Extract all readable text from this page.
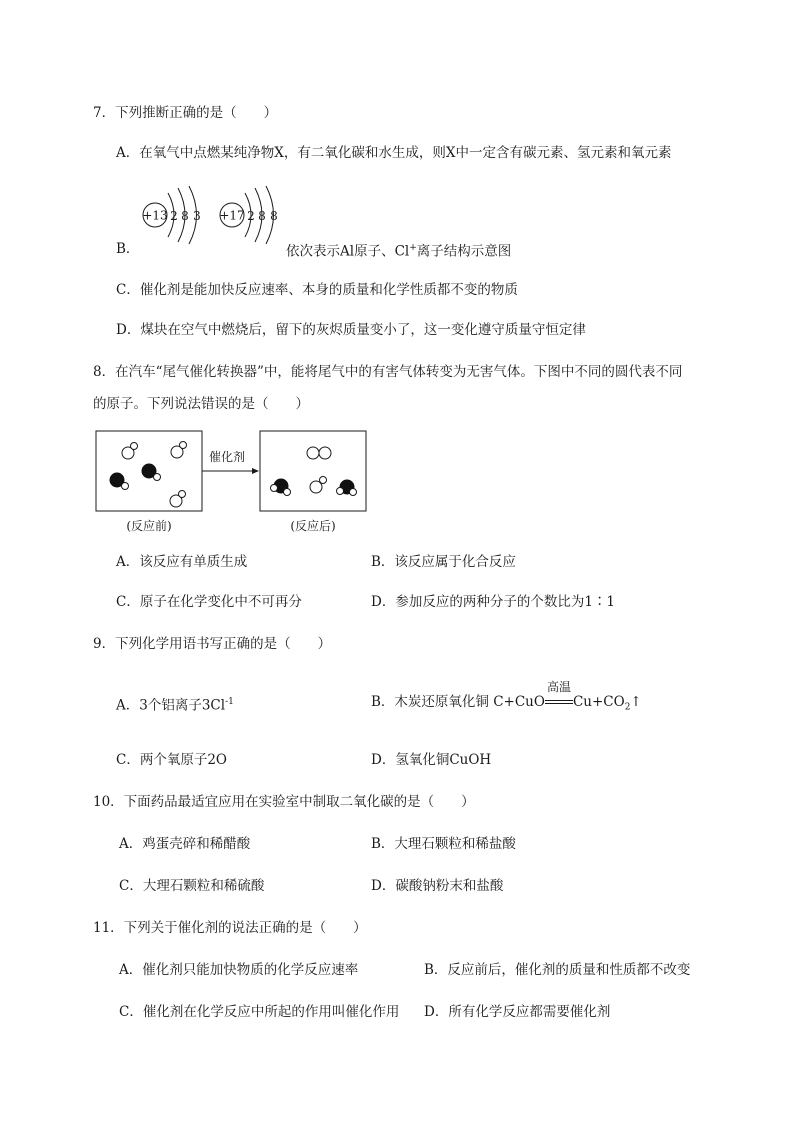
7．下列推断正确的是（　　）
A．在氧气中点燃某纯净物X，有二氧化碳和水生成，则X中一定含有碳元素、氢元素和氧元素
B．
+13 2 8 3 +17 2 8 8
依次表示Al原子、Cl+离子结构示意图
C．催化剂是能加快反应速率、本身的质量和化学性质都不变的物质
D．煤块在空气中燃烧后，留下的灰烬质量变小了，这一变化遵守质量守恒定律
8．在汽车“尾气催化转换器”中，能将尾气中的有害气体转变为无害气体。下图中不同的圆代表不同
的原子。下列说法错误的是（　　）
催化剂
(反应前)	(反应后)
A．该反应有单质生成	B．该反应属于化合反应
C．原子在化学变化中不可再分	D．参加反应的两种分子的个数比为1∶1
9．下列化学用语书写正确的是（　　）
A．3个铝离子$3Cl^{-1}$	B．木炭还原氧化铜 C+CuO
高温
$Cu+CO_2↑$
C．两个氧原子2O	D．氢氧化铜CuOH
10．下面药品最适宜应用在实验室中制取二氧化碳的是（　　）
A．鸡蛋壳碎和稀醋酸	B．大理石颗粒和稀盐酸
C．大理石颗粒和稀硫酸	D．碳酸钠粉末和盐酸
11．下列关于催化剂的说法正确的是（　　）
A．催化剂只能加快物质的化学反应速率	B．反应前后，催化剂的质量和性质都不改变
C．催化剂在化学反应中所起的作用叫催化作用 D．所有化学反应都需要催化剂
